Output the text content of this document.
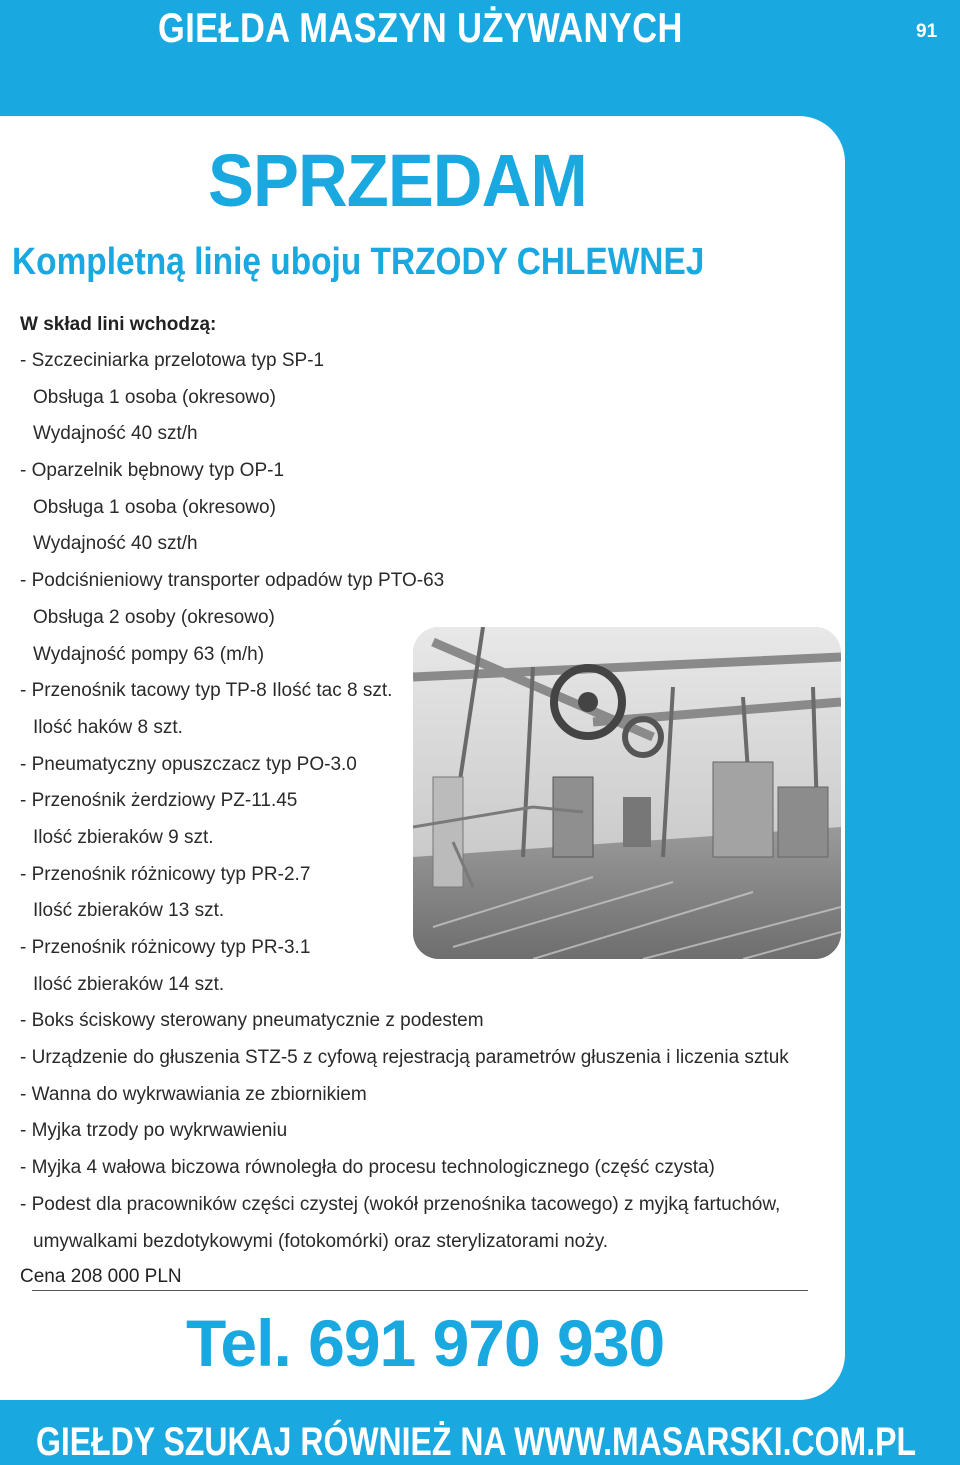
GIEŁDA MASZYN UŻYWANYCH	91
SPRZEDAM
Kompletną linię uboju TRZODY CHLEWNEJ
W skład lini wchodzą:
- Szczeciniarka przelotowa typ SP-1
Obsługa 1 osoba (okresowo)
Wydajność 40 szt/h
- Oparzelnik bębnowy typ OP-1
Obsługa 1 osoba (okresowo)
Wydajność 40 szt/h
- Podciśnieniowy transporter odpadów typ PTO-63
Obsługa 2 osoby (okresowo)
Wydajność pompy 63 (m/h)
- Przenośnik tacowy typ TP-8 Ilość tac 8 szt.
Ilość haków 8 szt.
- Pneumatyczny opuszczacz typ PO-3.0
- Przenośnik żerdziowy PZ-11.45
Ilość zbieraków 9 szt.
- Przenośnik różnicowy typ PR-2.7
Ilość zbieraków 13 szt.
- Przenośnik różnicowy typ PR-3.1
Ilość zbieraków 14 szt.
- Boks ściskowy sterowany pneumatycznie z podestem
- Urządzenie do głuszenia STZ-5 z cyfową rejestracją parametrów głuszenia i liczenia sztuk
- Wanna do wykrwawiania ze zbiornikiem
- Myjka trzody po wykrwawieniu
- Myjka 4 wałowa biczowa równoległa do procesu technologicznego (część czysta)
- Podest dla pracowników części czystej (wokół przenośnika tacowego) z myjką fartuchów,
umywalkami bezdotykowymi (fotokomórki) oraz sterylizatorami noży.
Cena 208 000 PLN
Tel. 691 970 930
GIEŁDY SZUKAJ RÓWNIEŻ NA WWW.MASARSKI.COM.PL
